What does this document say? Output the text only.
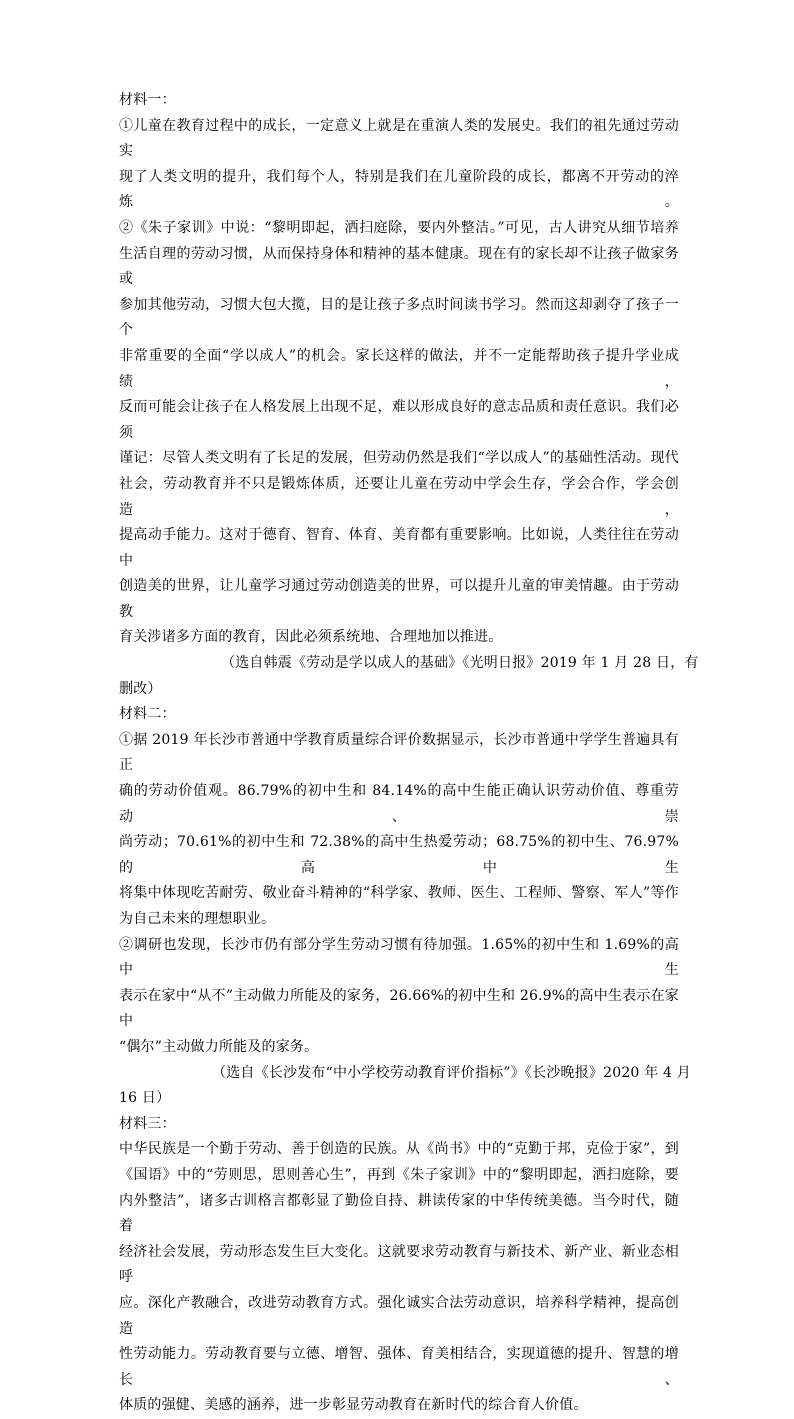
材料一：
①儿童在教育过程中的成长，一定意义上就是在重演人类的发展史。我们的祖先通过劳动实
现了人类文明的提升，我们每个人，特别是我们在儿童阶段的成长，都离不开劳动的淬炼。
②《朱子家训》中说：“黎明即起，洒扫庭除，要内外整洁。”可见，古人讲究从细节培养
生活自理的劳动习惯，从而保持身体和精神的基本健康。现在有的家长却不让孩子做家务或
参加其他劳动，习惯大包大揽，目的是让孩子多点时间读书学习。然而这却剥夺了孩子一个
非常重要的全面“学以成人”的机会。家长这样的做法，并不一定能帮助孩子提升学业成绩，
反而可能会让孩子在人格发展上出现不足，难以形成良好的意志品质和责任意识。我们必须
谨记：尽管人类文明有了长足的发展，但劳动仍然是我们“学以成人”的基础性活动。现代
社会，劳动教育并不只是锻炼体质，还要让儿童在劳动中学会生存，学会合作，学会创造，
提高动手能力。这对于德育、智育、体育、美育都有重要影响。比如说，人类往往在劳动中
创造美的世界，让儿童学习通过劳动创造美的世界，可以提升儿童的审美情趣。由于劳动教
育关涉诸多方面的教育，因此必须系统地、合理地加以推进。
（选自韩震《劳动是学以成人的基础》《光明日报》2019 年 1 月 28 日，有
删改）
材料二：
①据 2019 年长沙市普通中学教育质量综合评价数据显示，长沙市普通中学学生普遍具有正
确的劳动价值观。86.79%的初中生和 84.14%的高中生能正确认识劳动价值、尊重劳动、崇
尚劳动；70.61%的初中生和 72.38%的高中生热爱劳动；68.75%的初中生、76.97%的高中生
将集中体现吃苦耐劳、敬业奋斗精神的“科学家、教师、医生、工程师、警察、军人”等作
为自己未来的理想职业。
②调研也发现，长沙市仍有部分学生劳动习惯有待加强。1.65%的初中生和 1.69%的高中生
表示在家中“从不”主动做力所能及的家务，26.66%的初中生和 26.9%的高中生表示在家中
“偶尔”主动做力所能及的家务。
（选自《长沙发布“中小学校劳动教育评价指标”》《长沙晚报》2020 年 4 月
16 日）
材料三：
中华民族是一个勤于劳动、善于创造的民族。从《尚书》中的“克勤于邦，克俭于家”，到
《国语》中的“劳则思，思则善心生”，再到《朱子家训》中的“黎明即起，洒扫庭除，要
内外整洁”，诸多古训格言都彰显了勤俭自持、耕读传家的中华传统美德。当今时代，随着
经济社会发展，劳动形态发生巨大变化。这就要求劳动教育与新技术、新产业、新业态相呼
应。深化产教融合，改进劳动教育方式。强化诚实合法劳动意识，培养科学精神，提高创造
性劳动能力。劳动教育要与立德、增智、强体、育美相结合，实现道德的提升、智慧的增长、
体质的强健、美感的涵养，进一步彰显劳动教育在新时代的综合育人价值。
